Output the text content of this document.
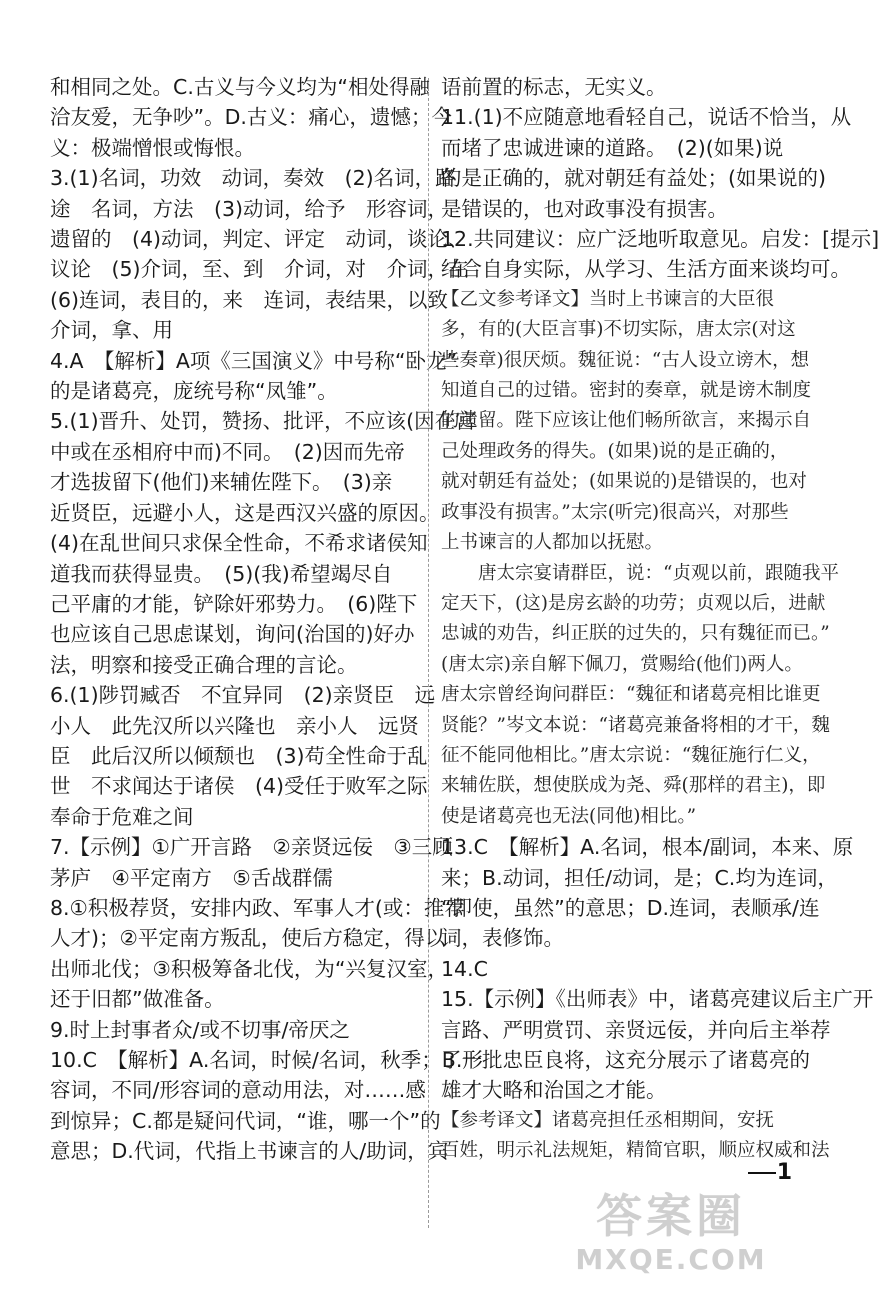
和相同之处。C.古义与今义均为“相处得融
洽友爱，无争吵”。D.古义：痛心，遗憾；今
义：极端憎恨或悔恨。
3.(1)名词，功效　动词，奏效　(2)名词，路
途　名词，方法　(3)动词，给予　形容词，
遗留的　(4)动词，判定、评定　动词，谈论、
议论　(5)介词，至、到　介词，对　介词，在
(6)连词，表目的，来　连词，表结果，以致
介词，拿、用
4.A　【解析】A项《三国演义》中号称“卧龙”
的是诸葛亮，庞统号称“凤雏”。
5.(1)晋升、处罚，赞扬、批评，不应该(因在宫
中或在丞相府中而)不同。　(2)因而先帝
才选拔留下(他们)来辅佐陛下。　(3)亲
近贤臣，远避小人，这是西汉兴盛的原因。
(4)在乱世间只求保全性命，不希求诸侯知
道我而获得显贵。　(5)(我)希望竭尽自
己平庸的才能，铲除奸邪势力。　(6)陛下
也应该自己思虑谋划，询问(治国的)好办
法，明察和接受正确合理的言论。
6.(1)陟罚臧否　不宜异同　(2)亲贤臣　远
小人　此先汉所以兴隆也　亲小人　远贤
臣　此后汉所以倾颓也　(3)苟全性命于乱
世　不求闻达于诸侯　(4)受任于败军之际
奉命于危难之间
7.【示例】①广开言路　②亲贤远佞　③三顾
茅庐　④平定南方　⑤舌战群儒
8.①积极荐贤，安排内政、军事人才(或：推荐
人才)；②平定南方叛乱，使后方稳定，得以
出师北伐；③积极筹备北伐，为“兴复汉室，
还于旧都”做准备。
9.时上封事者众/或不切事/帝厌之
10.C　【解析】A.名词，时候/名词，秋季；B.形
容词，不同/形容词的意动用法，对……感
到惊异；C.都是疑问代词，“谁，哪一个”的
意思；D.代词，代指上书谏言的人/助词，宾
语前置的标志，无实义。
11.(1)不应随意地看轻自己，说话不恰当，从
而堵了忠诚进谏的道路。　(2)(如果)说
的是正确的，就对朝廷有益处；(如果说的)
是错误的，也对政事没有损害。
12.共同建议：应广泛地听取意见。启发：[提示]
结合自身实际，从学习、生活方面来谈均可。
【乙文参考译文】当时上书谏言的大臣很
多，有的(大臣言事)不切实际，唐太宗(对这
些奏章)很厌烦。魏征说：“古人设立谤木，想
知道自己的过错。密封的奏章，就是谤木制度
的遗留。陛下应该让他们畅所欲言，来揭示自
己处理政务的得失。(如果)说的是正确的，
就对朝廷有益处；(如果说的)是错误的，也对
政事没有损害。”太宗(听完)很高兴，对那些
上书谏言的人都加以抚慰。
　　唐太宗宴请群臣，说：“贞观以前，跟随我平
定天下，(这)是房玄龄的功劳；贞观以后，进献
忠诚的劝告，纠正朕的过失的，只有魏征而已。”
(唐太宗)亲自解下佩刀，赏赐给(他们)两人。
唐太宗曾经询问群臣：“魏征和诸葛亮相比谁更
贤能？”岑文本说：“诸葛亮兼备将相的才干，魏
征不能同他相比。”唐太宗说：“魏征施行仁义，
来辅佐朕，想使朕成为尧、舜(那样的君主)，即
使是诸葛亮也无法(同他)相比。”
13.C　【解析】A.名词，根本/副词，本来、原
来；B.动词，担任/动词，是；C.均为连词，
“即使，虽然”的意思；D.连词，表顺承/连
词，表修饰。
14.C
15.【示例】《出师表》中，诸葛亮建议后主广开
言路、严明赏罚、亲贤远佞，并向后主举荐
了一批忠臣良将，这充分展示了诸葛亮的
雄才大略和治国之才能。
【参考译文】诸葛亮担任丞相期间，安抚
百姓，明示礼法规矩，精简官职，顺应权威和法
1
答案圈
MXQE.COM
